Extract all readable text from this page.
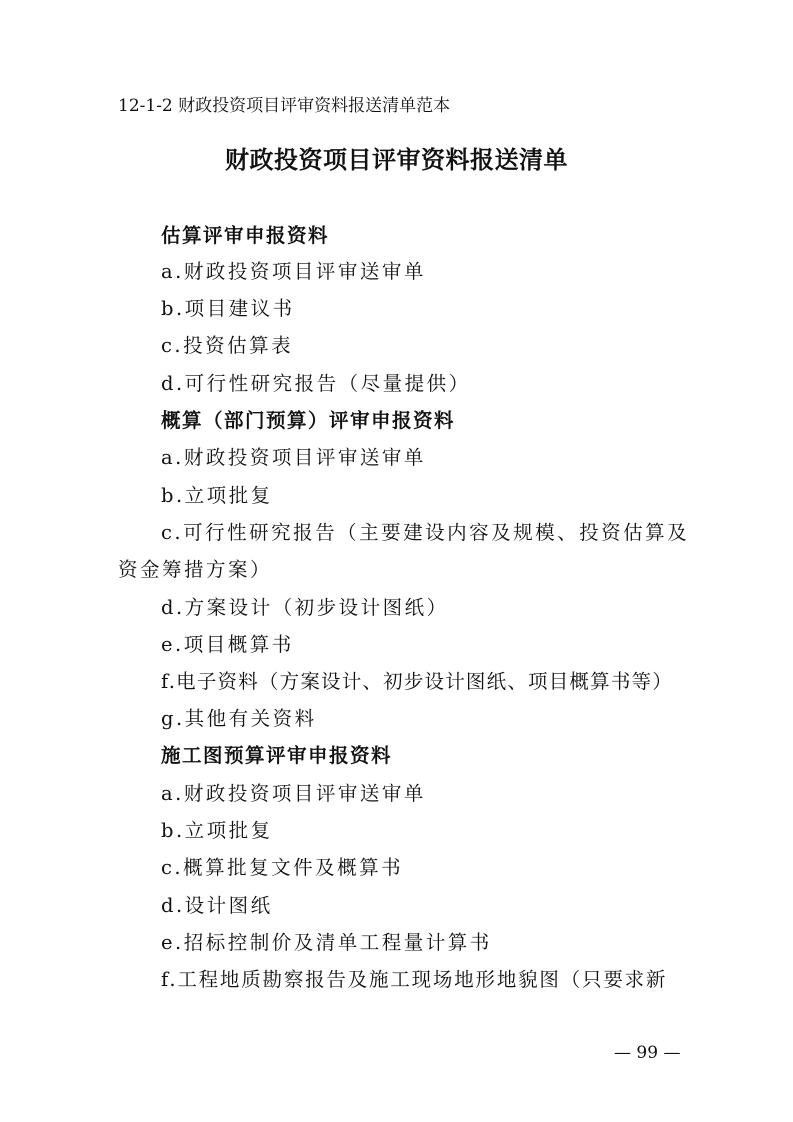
12-1-2 财政投资项目评审资料报送清单范本
财政投资项目评审资料报送清单
估算评审申报资料
a.财政投资项目评审送审单
b.项目建议书
c.投资估算表
d.可行性研究报告（尽量提供）
概算（部门预算）评审申报资料
a.财政投资项目评审送审单
b.立项批复
c.可行性研究报告（主要建设内容及规模、投资估算及
资金筹措方案）
d.方案设计（初步设计图纸）
e.项目概算书
f.电子资料（方案设计、初步设计图纸、项目概算书等）
g.其他有关资料
施工图预算评审申报资料
a.财政投资项目评审送审单
b.立项批复
c.概算批复文件及概算书
d.设计图纸
e.招标控制价及清单工程量计算书
f.工程地质勘察报告及施工现场地形地貌图（只要求新
— 99 —
